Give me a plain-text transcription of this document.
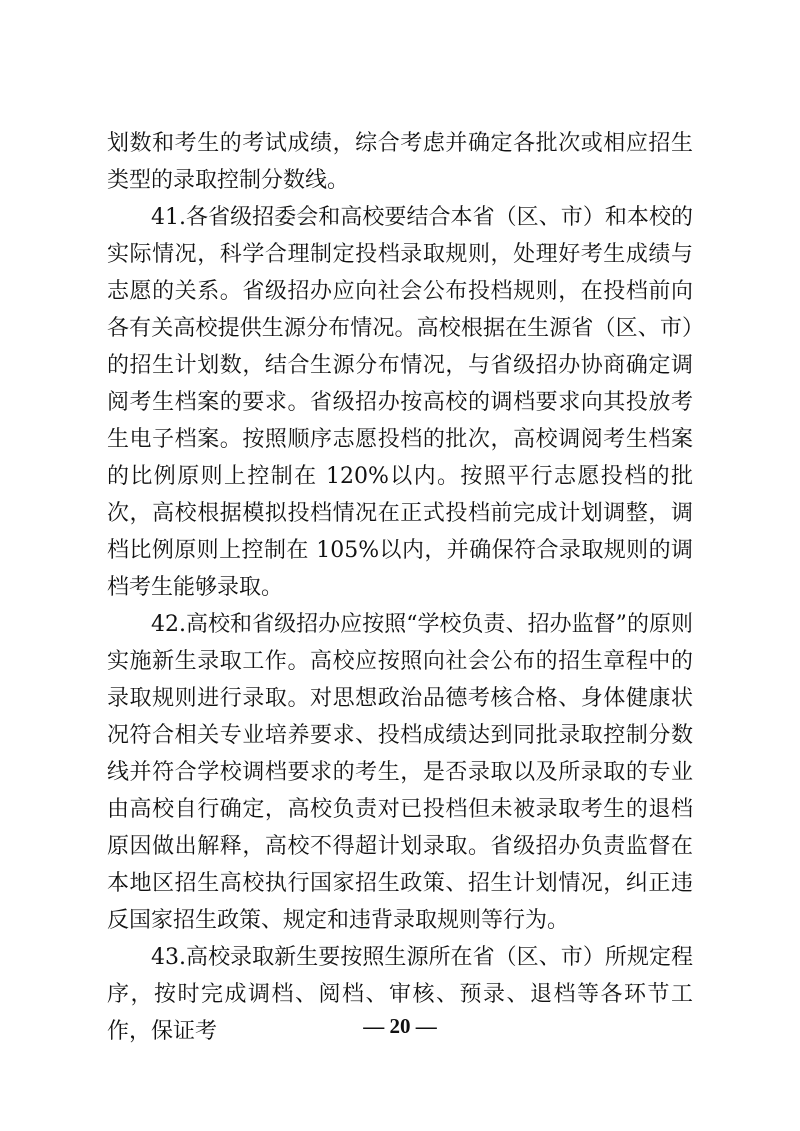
划数和考生的考试成绩，综合考虑并确定各批次或相应招生类型的录取控制分数线。

41.各省级招委会和高校要结合本省（区、市）和本校的实际情况，科学合理制定投档录取规则，处理好考生成绩与志愿的关系。省级招办应向社会公布投档规则，在投档前向各有关高校提供生源分布情况。高校根据在生源省（区、市）的招生计划数，结合生源分布情况，与省级招办协商确定调阅考生档案的要求。省级招办按高校的调档要求向其投放考生电子档案。按照顺序志愿投档的批次，高校调阅考生档案的比例原则上控制在 120%以内。按照平行志愿投档的批次，高校根据模拟投档情况在正式投档前完成计划调整，调档比例原则上控制在 105%以内，并确保符合录取规则的调档考生能够录取。

42.高校和省级招办应按照“学校负责、招办监督”的原则实施新生录取工作。高校应按照向社会公布的招生章程中的录取规则进行录取。对思想政治品德考核合格、身体健康状况符合相关专业培养要求、投档成绩达到同批录取控制分数线并符合学校调档要求的考生，是否录取以及所录取的专业由高校自行确定，高校负责对已投档但未被录取考生的退档原因做出解释，高校不得超计划录取。省级招办负责监督在本地区招生高校执行国家招生政策、招生计划情况，纠正违反国家招生政策、规定和违背录取规则等行为。

43.高校录取新生要按照生源所在省（区、市）所规定程序，按时完成调档、阅档、审核、预录、退档等各环节工作，保证考	— 20 —
